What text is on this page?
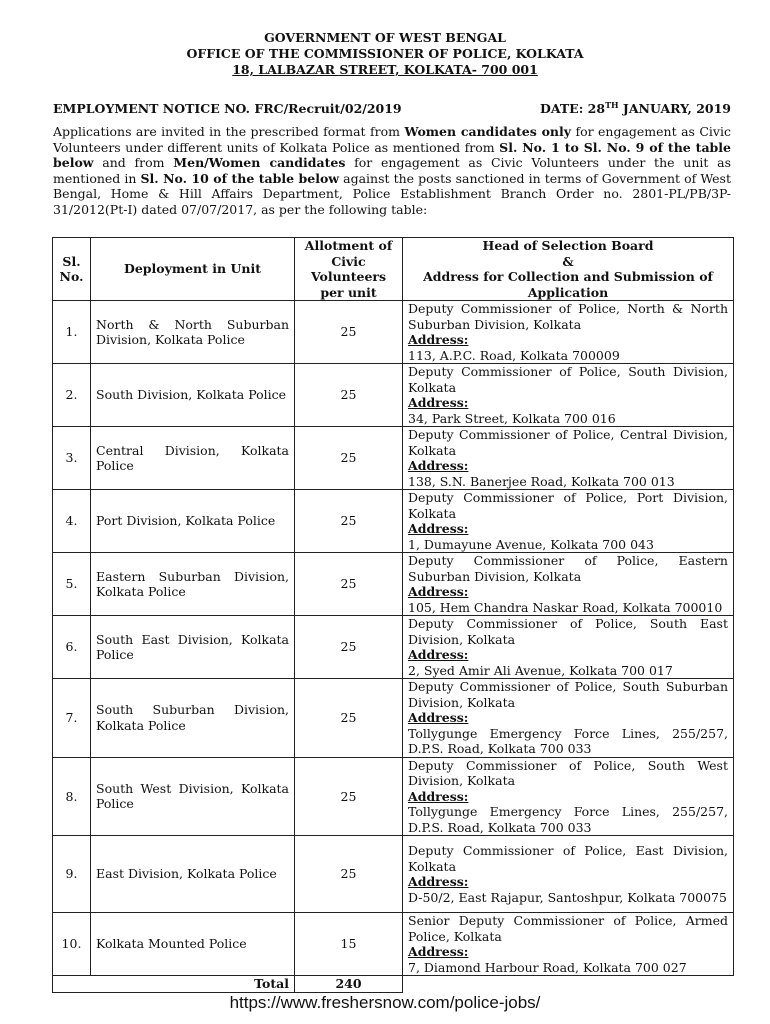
GOVERNMENT OF WEST BENGAL
OFFICE OF THE COMMISSIONER OF POLICE, KOLKATA
18, LALBAZAR STREET, KOLKATA- 700 001
EMPLOYMENT NOTICE NO. FRC/Recruit/02/2019	DATE: 28TH JANUARY, 2019
Applications are invited in the prescribed format from Women candidates only for engagement as Civic Volunteers under different units of Kolkata Police as mentioned from Sl. No. 1 to Sl. No. 9 of the table below and from Men/Women candidates for engagement as Civic Volunteers under the unit as mentioned in Sl. No. 10 of the table below against the posts sanctioned in terms of Government of West Bengal, Home & Hill Affairs Department, Police Establishment Branch Order no. 2801-PL/PB/3P-31/2012(Pt-I) dated 07/07/2017, as per the following table:
Sl. No.	Deployment in Unit	Allotment of Civic Volunteers per unit	Head of Selection Board
&
Address for Collection and Submission of Application

1.	North & North Suburban Division, Kolkata Police	25	Deputy Commissioner of Police, North & North Suburban Division, Kolkata
Address:
113, A.P.C. Road, Kolkata 700009

2.	South Division, Kolkata Police	25	Deputy Commissioner of Police, South Division, Kolkata
Address:
34, Park Street, Kolkata 700 016

3.	Central Division, Kolkata Police	25	Deputy Commissioner of Police, Central Division, Kolkata
Address:
138, S.N. Banerjee Road, Kolkata 700 013

4.	Port Division, Kolkata Police	25	Deputy Commissioner of Police, Port Division, Kolkata
Address:
1, Dumayune Avenue, Kolkata 700 043

5.	Eastern Suburban Division, Kolkata Police	25	Deputy Commissioner of Police, Eastern Suburban Division, Kolkata
Address:
105, Hem Chandra Naskar Road, Kolkata 700010

6.	South East Division, Kolkata Police	25	Deputy Commissioner of Police, South East Division, Kolkata
Address:
2, Syed Amir Ali Avenue, Kolkata 700 017

7.	South Suburban Division, Kolkata Police	25	Deputy Commissioner of Police, South Suburban Division, Kolkata
Address:
Tollygunge Emergency Force Lines, 255/257, D.P.S. Road, Kolkata 700 033

8.	South West Division, Kolkata Police	25	Deputy Commissioner of Police, South West Division, Kolkata
Address:
Tollygunge Emergency Force Lines, 255/257, D.P.S. Road, Kolkata 700 033

9.	East Division, Kolkata Police	25	Deputy Commissioner of Police, East Division, Kolkata
Address:
D-50/2, East Rajapur, Santoshpur, Kolkata 700075

10.	Kolkata Mounted Police	15	Senior Deputy Commissioner of Police, Armed Police, Kolkata
Address:
7, Diamond Harbour Road, Kolkata 700 027

Total		240	
https://www.freshersnow.com/police-jobs/
